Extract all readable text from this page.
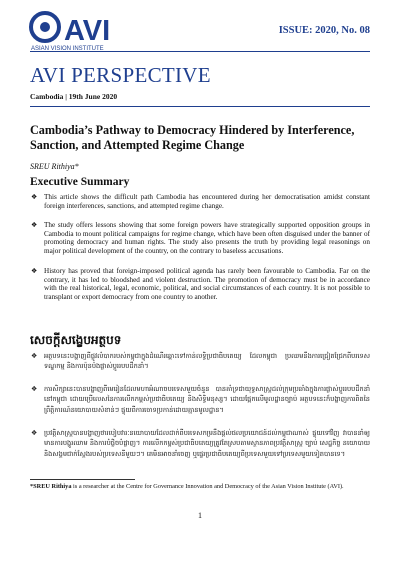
AVI
ASIAN VISION INSTITUTE
ISSUE: 2020, No. 08
AVI PERSPECTIVE
Cambodia | 19th June 2020
Cambodia’s Pathway to Democracy Hindered by Interference, Sanction, and Attempted Regime Change
SREU Rithiya*
Executive Summary
❖ This article shows the difficult path Cambodia has encountered during her democratisation amidst constant foreign interferences, sanctions, and attempted regime change.
❖ The study offers lessons showing that some foreign powers have strategically supported opposition groups in Cambodia to mount political campaigns for regime change, which have been often disguised under the banner of promoting democracy and human rights. The study also presents the truth by providing legal reasonings on major political development of the country, on the contrary to baseless accusations.
❖ History has proved that foreign-imposed political agenda has rarely been favourable to Cambodia. Far on the contrary, it has led to bloodshed and violent destruction. The promotion of democracy must be in accordance with the real historical, legal, economic, political, and social circumstances of each country. It is not possible to transplant or export democracy from one country to another.
សេចក្តីសង្ខេបអត្ថបទ
❖ អត្ថបទនេះបង្ហាញពីផ្លូវលំបាករបស់កម្ពុជាក្នុងដំណើរឆ្ពោះទៅកាន់លទ្ធិប្រជាធិបតេយ្យ ដែលកម្ពុជា ប្រឈមនឹងការជ្រៀតជ្រែកពីបរទេស ទណ្ឌកម្ម និងការប៉ុនប៉ងផ្លាស់ប្តូររបបដឹកនាំ។
❖ ការសិក្សានេះបានបង្ហាញពីមេរៀនដែលមហាអំណាចបរទេសមួយចំនួន បានគាំទ្រជាយុទ្ធសាស្ត្រដល់ក្រុមប្រឆាំងក្នុងការផ្លាស់ប្តូររបបដឹកនាំនៅកម្ពុជា ដោយប្រើលេសនៃការលើកកម្ពស់ប្រជាធិបតេយ្យ និងសិទ្ធិមនុស្ស។ ដោយផ្អែកលើមូលដ្ឋានច្បាប់ អត្ថបទនេះក៏បង្ហាញការពិតនៃព្រឹត្តិការណ៍នយោបាយសំខាន់ៗ ផ្ទុយពីការចោទប្រកាន់ដោយគ្មានមូលដ្ឋាន។
❖ ប្រវត្តិសាស្ត្របានបង្ហាញថារបៀបវារៈនយោបាយដែលដាក់ពីបរទេសកម្រនឹងផ្តល់ផលប្រយោជន៍ដល់កម្ពុជាណាស់ ផ្ទុយទៅវិញ វាបាននាំឲ្យមានការបង្ហូរឈាម និងការបំផ្លិចបំផ្លាញ។ ការលើកកម្ពស់ប្រជាធិបតេយ្យត្រូវតែស្របតាមស្ថានភាពប្រវត្តិសាស្ត្រ ច្បាប់ សេដ្ឋកិច្ច នយោបាយ និងសង្គមជាក់ស្តែងរបស់ប្រទេសនីមួយៗ។ គេមិនអាចនាំចេញ ឬផ្ទេរប្រជាធិបតេយ្យពីប្រទេសមួយទៅប្រទេសមួយទៀតបានទេ។
*SREU Rithiya is a researcher at the Centre for Governance Innovation and Democracy of the Asian Vision Institute (AVI).
1
